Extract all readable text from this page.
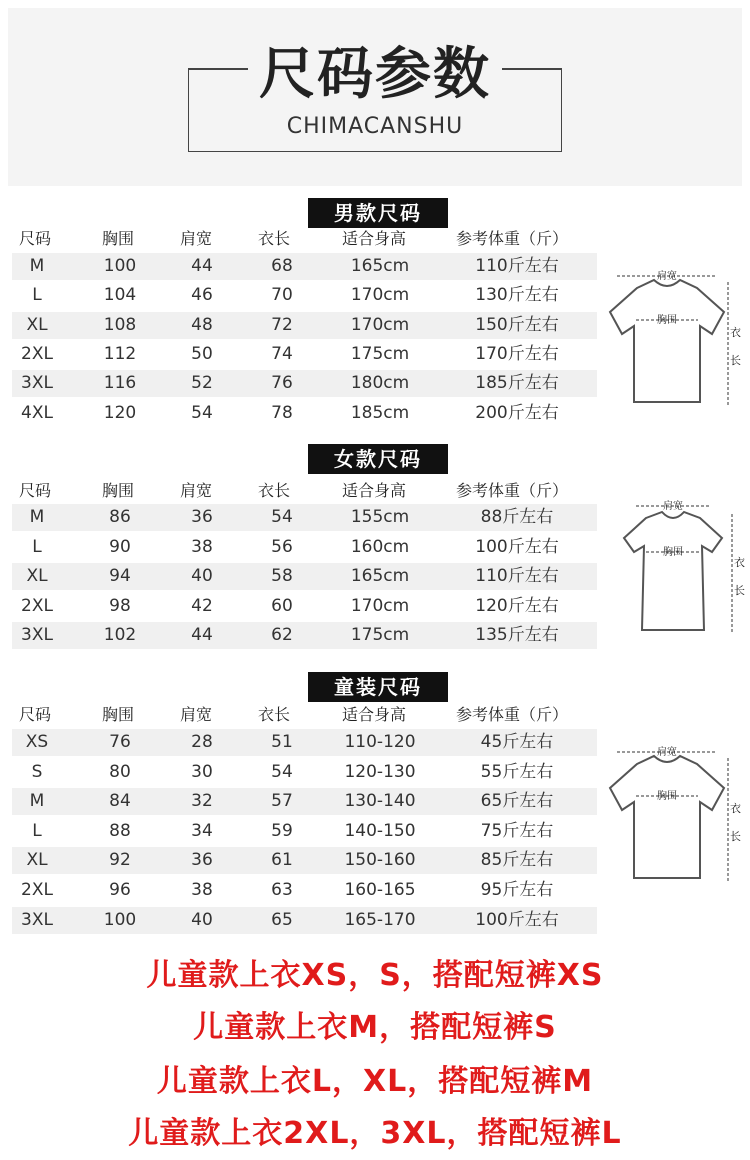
尺码参数
CHIMACANSHU
男款尺码
尺码	胸围	肩宽	衣长	适合身高	参考体重（斤）
M	100	44	68	165cm	110斤左右
L	104	46	70	170cm	130斤左右
XL	108	48	72	170cm	150斤左右
2XL	112	50	74	175cm	170斤左右
3XL	116	52	76	180cm	185斤左右
4XL	120	54	78	185cm	200斤左右
肩宽
胸围
衣
长
女款尺码
尺码	胸围	肩宽	衣长	适合身高	参考体重（斤）
M	86	36	54	155cm	88斤左右
L	90	38	56	160cm	100斤左右
XL	94	40	58	165cm	110斤左右
2XL	98	42	60	170cm	120斤左右
3XL	102	44	62	175cm	135斤左右
肩宽
胸围
衣
长
童装尺码
尺码	胸围	肩宽	衣长	适合身高	参考体重（斤）
XS	76	28	51	110-120	45斤左右
S	80	30	54	120-130	55斤左右
M	84	32	57	130-140	65斤左右
L	88	34	59	140-150	75斤左右
XL	92	36	61	150-160	85斤左右
2XL	96	38	63	160-165	95斤左右
3XL	100	40	65	165-170	100斤左右
肩宽
胸围
衣
长
儿童款上衣XS，S，搭配短裤XS
儿童款上衣M，搭配短裤S
儿童款上衣L，XL，搭配短裤M
儿童款上衣2XL，3XL，搭配短裤L
